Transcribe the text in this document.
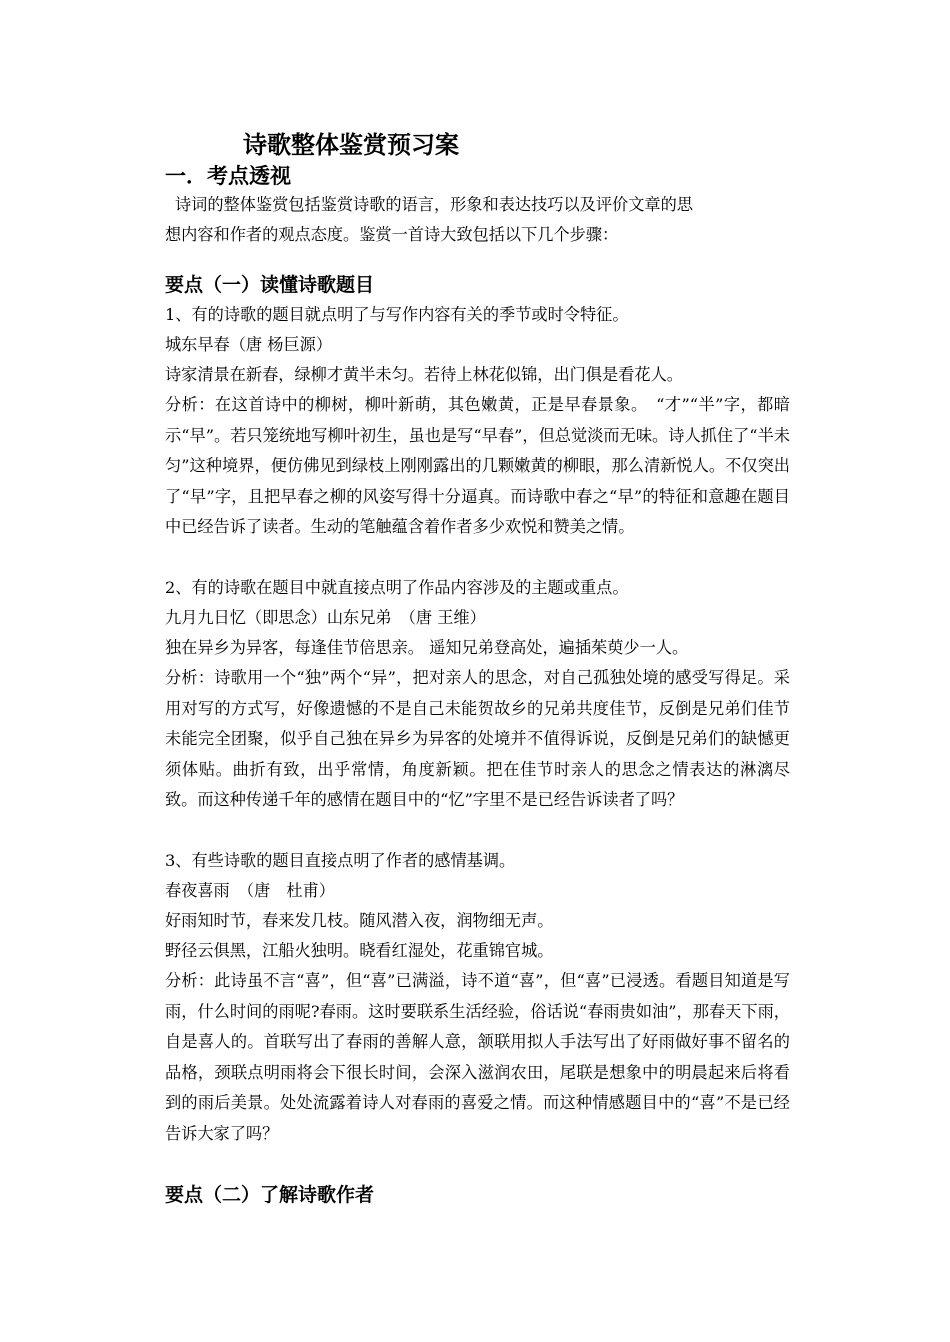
诗歌整体鉴赏预习案
一．考点透视
诗词的整体鉴赏包括鉴赏诗歌的语言，形象和表达技巧以及评价文章的思
想内容和作者的观点态度。鉴赏一首诗大致包括以下几个步骤：
要点（一）读懂诗歌题目
1、有的诗歌的题目就点明了与写作内容有关的季节或时令特征。
城东早春（唐 杨巨源）
诗家清景在新春，绿柳才黄半未匀。若待上林花似锦，出门俱是看花人。

分析：在这首诗中的柳树，柳叶新萌，其色嫩黄，正是早春景象。　“才”“半”字，都暗示“早”。若只笼统地写柳叶初生，虽也是写“早春”，但总觉淡而无味。诗人抓住了“半未匀”这种境界，便仿佛见到绿枝上刚刚露出的几颗嫩黄的柳眼，那么清新悦人。不仅突出了“早”字，且把早春之柳的风姿写得十分逼真。而诗歌中春之“早”的特征和意趣在题目中已经告诉了读者。生动的笔触蕴含着作者多少欢悦和赞美之情。

2、有的诗歌在题目中就直接点明了作品内容涉及的主题或重点。
九月九日忆（即思念）山东兄弟　（唐 王维）
独在异乡为异客，每逢佳节倍思亲。 遥知兄弟登高处，遍插茱萸少一人。

分析：诗歌用一个“独”两个“异”，把对亲人的思念，对自己孤独处境的感受写得足。采用对写的方式写，好像遗憾的不是自己未能贺故乡的兄弟共度佳节，反倒是兄弟们佳节未能完全团聚，似乎自己独在异乡为异客的处境并不值得诉说，反倒是兄弟们的缺憾更须体贴。曲折有致，出乎常情，角度新颖。把在佳节时亲人的思念之情表达的淋漓尽致。而这种传递千年的感情在题目中的“忆”字里不是已经告诉读者了吗？

3、有些诗歌的题目直接点明了作者的感情基调。
春夜喜雨　（唐　杜甫）
好雨知时节，春来发几枝。随风潜入夜，润物细无声。
野径云俱黑，江船火独明。晓看红湿处，花重锦官城。

分析：此诗虽不言“喜”，但“喜”已满溢，诗不道“喜”，但“喜”已浸透。看题目知道是写雨，什么时间的雨呢?春雨。这时要联系生活经验，俗话说“春雨贵如油”，那春天下雨，自是喜人的。首联写出了春雨的善解人意，颔联用拟人手法写出了好雨做好事不留名的品格，颈联点明雨将会下很长时间，会深入滋润农田，尾联是想象中的明晨起来后将看到的雨后美景。处处流露着诗人对春雨的喜爱之情。而这种情感题目中的“喜”不是已经告诉大家了吗？

要点（二）了解诗歌作者
